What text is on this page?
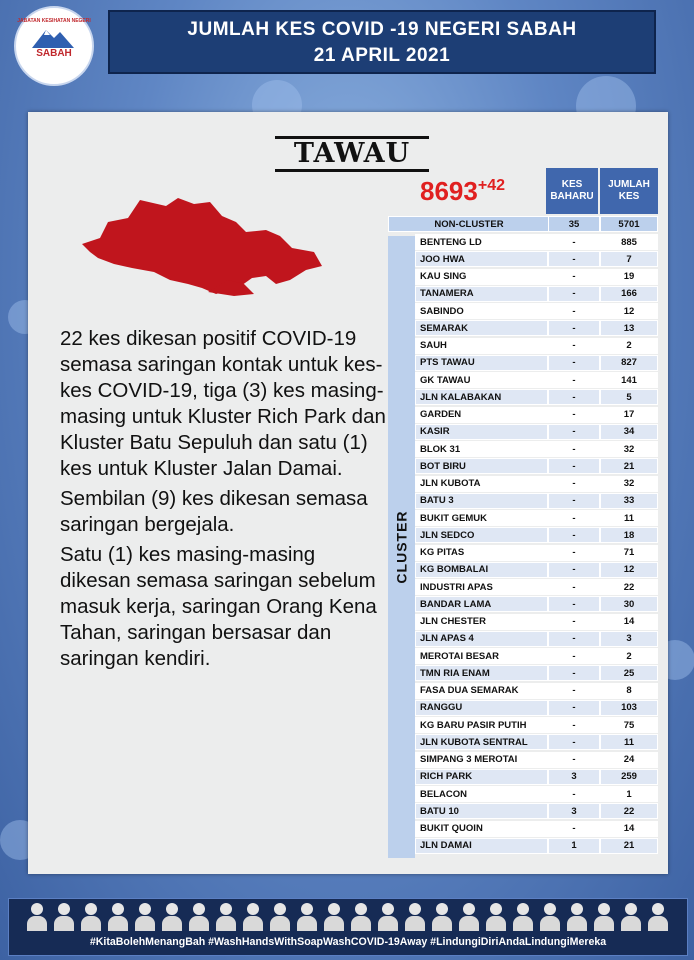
JABATAN KESIHATAN NEGERI
SABAH
JUMLAH KES COVID -19 NEGERI SABAH
21 APRIL 2021
TAWAU
$8693^{+42}$

22 kes dikesan positif COVID-19 semasa saringan kontak untuk kes-kes COVID-19, tiga (3) kes masing-masing untuk Kluster Rich Park dan Kluster Batu Sepuluh dan satu (1) kes untuk Kluster Jalan Damai.

Sembilan (9) kes dikesan semasa saringan bergejala.

Satu (1) kes masing-masing dikesan semasa saringan sebelum masuk kerja, saringan Orang Kena Tahan, saringan bersasar dan saringan kendiri.

KES BAHARU
JUMLAH KES
NON-CLUSTER	35	5701
BENTENG LD	-	885
JOO HWA	-	7
KAU SING	-	19
TANAMERA	-	166
SABINDO	-	12
SEMARAK	-	13
SAUH	-	2
PTS TAWAU	-	827
GK TAWAU	-	141
JLN KALABAKAN	-	5
GARDEN	-	17
KASIR	-	34
BLOK 31	-	32
BOT BIRU	-	21
JLN KUBOTA	-	32
BATU 3	-	33
BUKIT GEMUK	-	11
JLN SEDCO	-	18
KG PITAS	-	71
KG BOMBALAI	-	12
INDUSTRI APAS	-	22
BANDAR LAMA	-	30
JLN CHESTER	-	14
JLN APAS 4	-	3
MEROTAI BESAR	-	2
TMN RIA ENAM	-	25
FASA DUA SEMARAK	-	8
RANGGU	-	103
KG BARU PASIR PUTIH	-	75
JLN KUBOTA SENTRAL	-	11
SIMPANG 3 MEROTAI	-	24
RICH PARK	3	259
BELACON	-	1
BATU 10	3	22
BUKIT QUOIN	-	14
JLN DAMAI	1	21
CLUSTER
#KitaBolehMenangBah #WashHandsWithSoapWashCOVID-19Away #LindungiDiriAndaLindungiMereka
